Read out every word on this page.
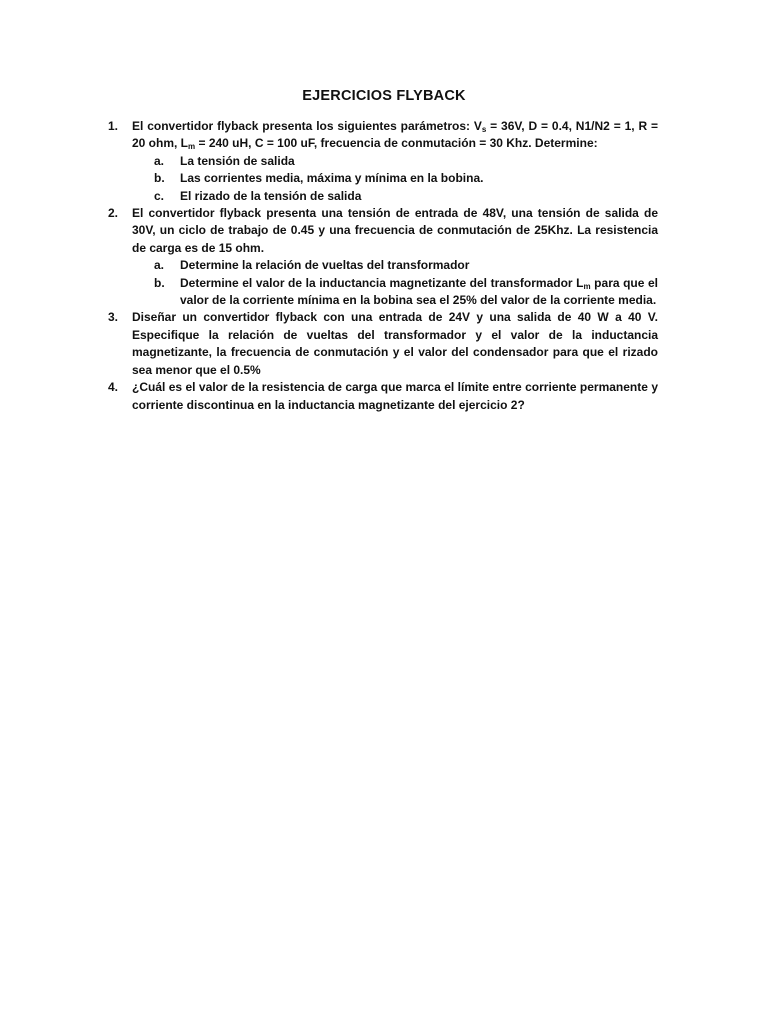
EJERCICIOS FLYBACK
1. El convertidor flyback presenta los siguientes parámetros: $V_s = 36V$, D = 0.4, N1/N2 = 1, R = 20 ohm, $L_m = 240$ uH, C = 100 uF, frecuencia de conmutación = 30 Khz. Determine:
a. La tensión de salida
b. Las corrientes media, máxima y mínima en la bobina.
c. El rizado de la tensión de salida
2. El convertidor flyback presenta una tensión de entrada de 48V, una tensión de salida de 30V, un ciclo de trabajo de 0.45 y una frecuencia de conmutación de 25Khz. La resistencia de carga es de 15 ohm.
a. Determine la relación de vueltas del transformador
b. Determine el valor de la inductancia magnetizante del transformador $L_m$ para que el valor de la corriente mínima en la bobina sea el 25% del valor de la corriente media.
3. Diseñar un convertidor flyback con una entrada de 24V y una salida de 40 W a 40 V. Especifique la relación de vueltas del transformador y el valor de la inductancia magnetizante, la frecuencia de conmutación y el valor del condensador para que el rizado sea menor que el 0.5%
4. ¿Cuál es el valor de la resistencia de carga que marca el límite entre corriente permanente y corriente discontinua en la inductancia magnetizante del ejercicio 2?
